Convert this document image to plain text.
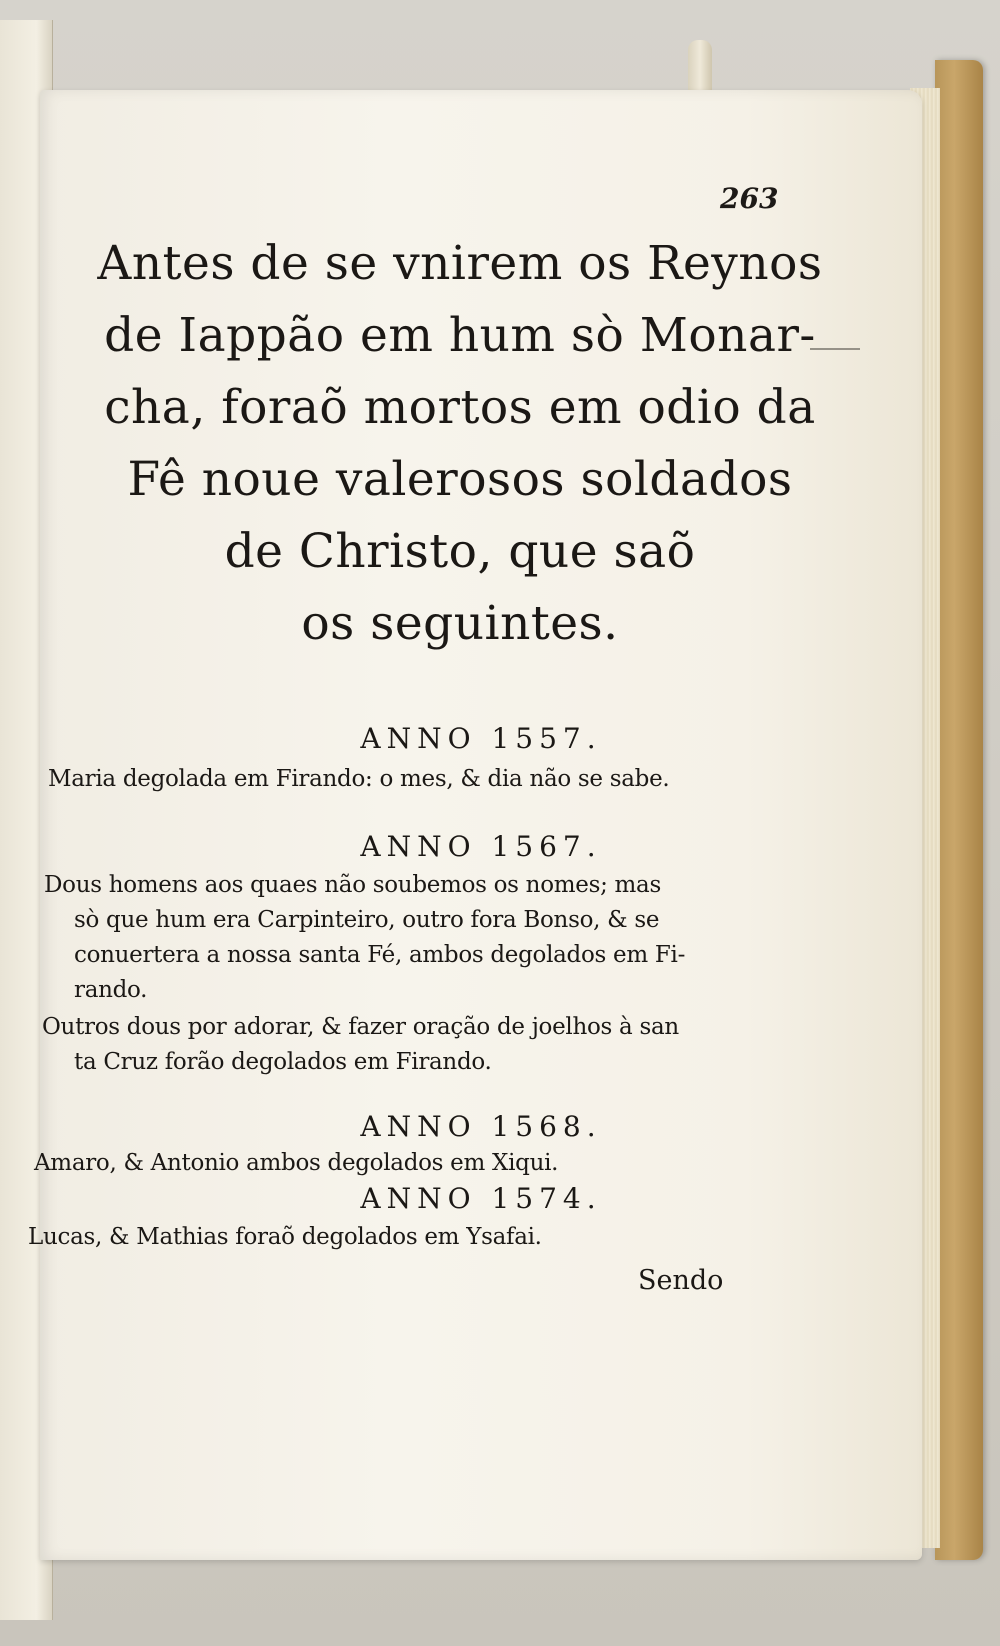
263
Antes de se vnirem os Reynos
de Iappão em hum sò Monar-
cha, foraõ mortos em odio da
Fê noue valerosos soldados
de Christo, que saõ
os seguintes.
ANNO 1557.
Maria degolada em Firando: o mes, & dia não se sabe.
ANNO 1567.
Dous homens aos quaes não soubemos os nomes; mas
sò que hum era Carpinteiro, outro fora Bonso, & se
conuertera a nossa santa Fé, ambos degolados em Fi-
rando.
Outros dous por adorar, & fazer oração de joelhos à san
ta Cruz forão degolados em Firando.
ANNO 1568.
Amaro, & Antonio ambos degolados em Xiqui.
ANNO 1574.
Lucas, & Mathias foraõ degolados em Ysafai.
Sendo
